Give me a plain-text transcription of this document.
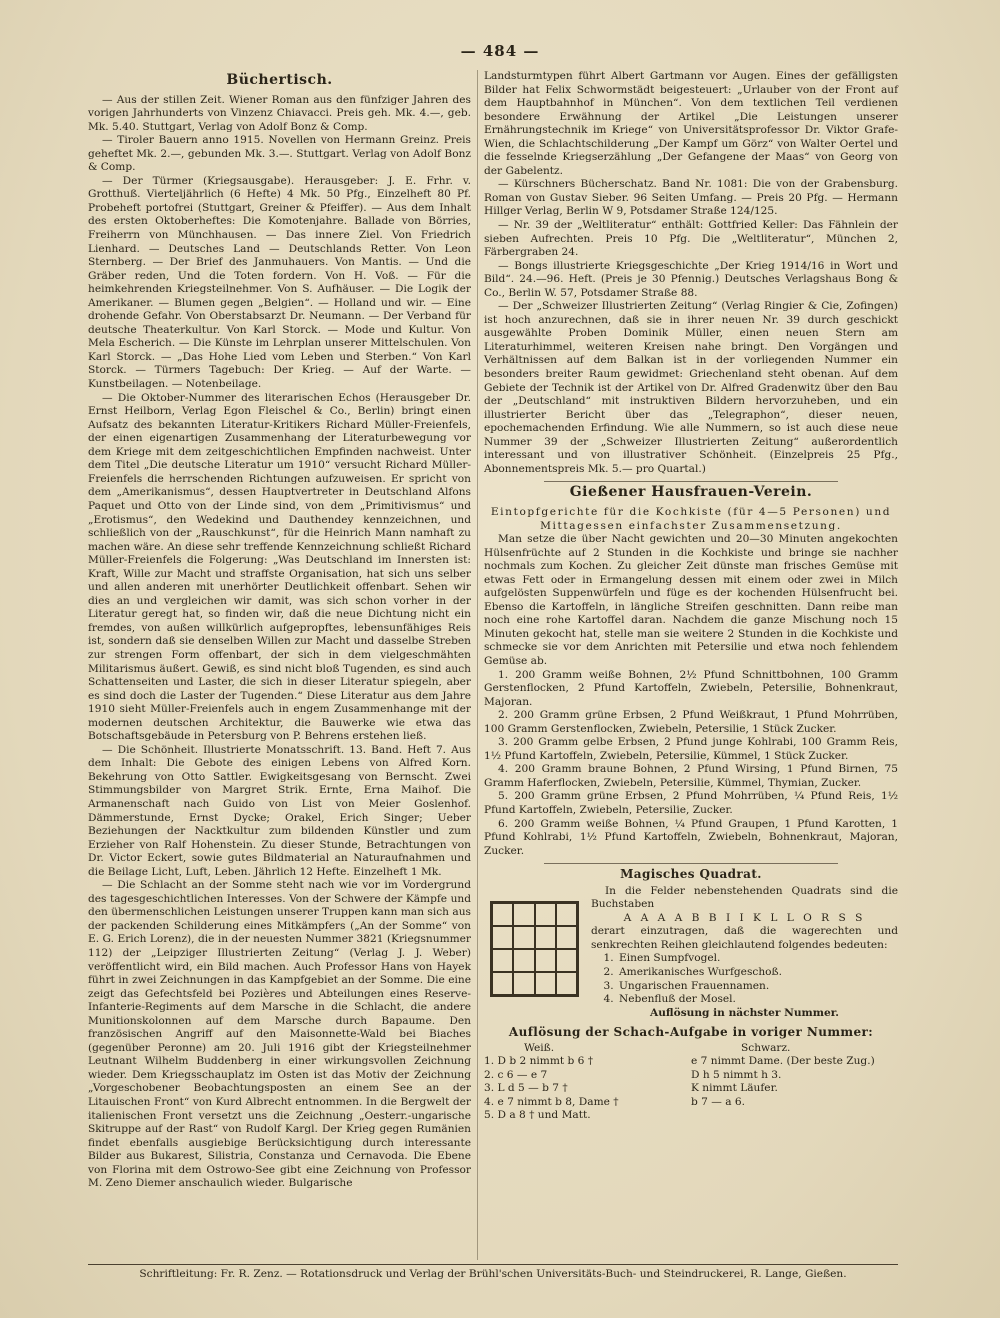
— 484 —
Büchertisch.

— Aus der stillen Zeit. Wiener Roman aus den fünfziger Jahren des vorigen Jahrhunderts von Vinzenz Chiavacci. Preis geh. Mk. 4.—, geb. Mk. 5.40. Stuttgart, Verlag von Adolf Bonz & Comp.

— Tiroler Bauern anno 1915. Novellen von Hermann Greinz. Preis geheftet Mk. 2.—, gebunden Mk. 3.—. Stuttgart. Verlag von Adolf Bonz & Comp.

— Der Türmer (Kriegsausgabe). Herausgeber: J. E. Frhr. v. Grotthuß. Vierteljährlich (6 Hefte) 4 Mk. 50 Pfg., Einzelheft 80 Pf. Probeheft portofrei (Stuttgart, Greiner & Pfeiffer). — Aus dem Inhalt des ersten Oktoberheftes: Die Komotenjahre. Ballade von Börries, Freiherrn von Münchhausen. — Das innere Ziel. Von Friedrich Lienhard. — Deutsches Land — Deutschlands Retter. Von Leon Sternberg. — Der Brief des Janmuhauers. Von Mantis. — Und die Gräber reden, Und die Toten fordern. Von H. Voß. — Für die heimkehrenden Kriegsteilnehmer. Von S. Aufhäuser. — Die Logik der Amerikaner. — Blumen gegen „Belgien“. — Holland und wir. — Eine drohende Gefahr. Von Oberstabsarzt Dr. Neumann. — Der Verband für deutsche Theaterkultur. Von Karl Storck. — Mode und Kultur. Von Mela Escherich. — Die Künste im Lehrplan unserer Mittelschulen. Von Karl Storck. — „Das Hohe Lied vom Leben und Sterben.“ Von Karl Storck. — Türmers Tagebuch: Der Krieg. — Auf der Warte. — Kunstbeilagen. — Notenbeilage.

— Die Oktober-Nummer des literarischen Echos (Herausgeber Dr. Ernst Heilborn, Verlag Egon Fleischel & Co., Berlin) bringt einen Aufsatz des bekannten Literatur-Kritikers Richard Müller-Freienfels, der einen eigenartigen Zusammenhang der Literaturbewegung vor dem Kriege mit dem zeitgeschichtlichen Empfinden nachweist. Unter dem Titel „Die deutsche Literatur um 1910“ versucht Richard Müller-Freienfels die herrschenden Richtungen aufzuweisen. Er spricht von dem „Amerikanismus“, dessen Hauptvertreter in Deutschland Alfons Paquet und Otto von der Linde sind, von dem „Primitivismus“ und „Erotismus“, den Wedekind und Dauthendey kennzeichnen, und schließlich von der „Rauschkunst“, für die Heinrich Mann namhaft zu machen wäre. An diese sehr treffende Kennzeichnung schließt Richard Müller-Freienfels die Folgerung: „Was Deutschland im Innersten ist: Kraft, Wille zur Macht und straffste Organisation, hat sich uns selber und allen anderen mit unerhörter Deutlichkeit offenbart. Sehen wir dies an und vergleichen wir damit, was sich schon vorher in der Literatur geregt hat, so finden wir, daß die neue Dichtung nicht ein fremdes, von außen willkürlich aufgepropftes, lebensunfähiges Reis ist, sondern daß sie denselben Willen zur Macht und dasselbe Streben zur strengen Form offenbart, der sich in dem vielgeschmähten Militarismus äußert. Gewiß, es sind nicht bloß Tugenden, es sind auch Schattenseiten und Laster, die sich in dieser Literatur spiegeln, aber es sind doch die Laster der Tugenden.“ Diese Literatur aus dem Jahre 1910 sieht Müller-Freienfels auch in engem Zusammenhange mit der modernen deutschen Architektur, die Bauwerke wie etwa das Botschaftsgebäude in Petersburg von P. Behrens erstehen ließ.

— Die Schönheit. Illustrierte Monatsschrift. 13. Band. Heft 7. Aus dem Inhalt: Die Gebote des einigen Lebens von Alfred Korn. Bekehrung von Otto Sattler. Ewigkeitsgesang von Bernscht. Zwei Stimmungsbilder von Margret Strik. Ernte, Erna Maihof. Die Armanenschaft nach Guido von List von Meier Goslenhof. Dämmerstunde, Ernst Dycke; Orakel, Erich Singer; Ueber Beziehungen der Nacktkultur zum bildenden Künstler und zum Erzieher von Ralf Hohenstein. Zu dieser Stunde, Betrachtungen von Dr. Victor Eckert, sowie gutes Bildmaterial an Naturaufnahmen und die Beilage Licht, Luft, Leben. Jährlich 12 Hefte. Einzelheft 1 Mk.

— Die Schlacht an der Somme steht nach wie vor im Vordergrund des tagesgeschichtlichen Interesses. Von der Schwere der Kämpfe und den übermenschlichen Leistungen unserer Truppen kann man sich aus der packenden Schilderung eines Mitkämpfers („An der Somme“ von E. G. Erich Lorenz), die in der neuesten Nummer 3821 (Kriegsnummer 112) der „Leipziger Illustrierten Zeitung“ (Verlag J. J. Weber) veröffentlicht wird, ein Bild machen. Auch Professor Hans von Hayek führt in zwei Zeichnungen in das Kampfgebiet an der Somme. Die eine zeigt das Gefechtsfeld bei Pozières und Abteilungen eines Reserve-Infanterie-Regiments auf dem Marsche in die Schlacht, die andere Munitionskolonnen auf dem Marsche durch Bapaume. Den französischen Angriff auf den Maisonnette-Wald bei Biaches (gegenüber Peronne) am 20. Juli 1916 gibt der Kriegsteilnehmer Leutnant Wilhelm Buddenberg in einer wirkungsvollen Zeichnung wieder. Dem Kriegsschauplatz im Osten ist das Motiv der Zeichnung „Vorgeschobener Beobachtungsposten an einem See an der Litauischen Front“ von Kurd Albrecht entnommen. In die Bergwelt der italienischen Front versetzt uns die Zeichnung „Oesterr.-ungarische Skitruppe auf der Rast“ von Rudolf Kargl. Der Krieg gegen Rumänien findet ebenfalls ausgiebige Berücksichtigung durch interessante Bilder aus Bukarest, Silistria, Constanza und Cernavoda. Die Ebene von Florina mit dem Ostrowo-See gibt eine Zeichnung von Professor M. Zeno Diemer anschaulich wieder. Bulgarische

Landsturmtypen führt Albert Gartmann vor Augen. Eines der gefälligsten Bilder hat Felix Schwormstädt beigesteuert: „Urlauber von der Front auf dem Hauptbahnhof in München“. Von dem textlichen Teil verdienen besondere Erwähnung der Artikel „Die Leistungen unserer Ernährungstechnik im Kriege“ von Universitätsprofessor Dr. Viktor Grafe-Wien, die Schlachtschilderung „Der Kampf um Görz“ von Walter Oertel und die fesselnde Kriegserzählung „Der Gefangene der Maas“ von Georg von der Gabelentz.

— Kürschners Bücherschatz. Band Nr. 1081: Die von der Grabensburg. Roman von Gustav Sieber. 96 Seiten Umfang. — Preis 20 Pfg. — Hermann Hillger Verlag, Berlin W 9, Potsdamer Straße 124/125.

— Nr. 39 der „Weltliteratur“ enthält: Gottfried Keller: Das Fähnlein der sieben Aufrechten. Preis 10 Pfg. Die „Weltliteratur“, München 2, Färbergraben 24.

— Bongs illustrierte Kriegsgeschichte „Der Krieg 1914/16 in Wort und Bild“. 24.—96. Heft. (Preis je 30 Pfennig.) Deutsches Verlagshaus Bong & Co., Berlin W. 57, Potsdamer Straße 88.

— Der „Schweizer Illustrierten Zeitung“ (Verlag Ringier & Cie, Zofingen) ist hoch anzurechnen, daß sie in ihrer neuen Nr. 39 durch geschickt ausgewählte Proben Dominik Müller, einen neuen Stern am Literaturhimmel, weiteren Kreisen nahe bringt. Den Vorgängen und Verhältnissen auf dem Balkan ist in der vorliegenden Nummer ein besonders breiter Raum gewidmet: Griechenland steht obenan. Auf dem Gebiete der Technik ist der Artikel von Dr. Alfred Gradenwitz über den Bau der „Deutschland“ mit instruktiven Bildern hervorzuheben, und ein illustrierter Bericht über das „Telegraphon“, dieser neuen, epochemachenden Erfindung. Wie alle Nummern, so ist auch diese neue Nummer 39 der „Schweizer Illustrierten Zeitung“ außerordentlich interessant und von illustrativer Schönheit. (Einzelpreis 25 Pfg., Abonnementspreis Mk. 5.— pro Quartal.)

Gießener Hausfrauen-Verein.

Eintopfgerichte für die Kochkiste (für 4—5 Personen) und Mittagessen einfachster Zusammensetzung.

Man setze die über Nacht gewichten und 20—30 Minuten angekochten Hülsenfrüchte auf 2 Stunden in die Kochkiste und bringe sie nachher nochmals zum Kochen. Zu gleicher Zeit dünste man frisches Gemüse mit etwas Fett oder in Ermangelung dessen mit einem oder zwei in Milch aufgelösten Suppenwürfeln und füge es der kochenden Hülsenfrucht bei. Ebenso die Kartoffeln, in längliche Streifen geschnitten. Dann reibe man noch eine rohe Kartoffel daran. Nachdem die ganze Mischung noch 15 Minuten gekocht hat, stelle man sie weitere 2 Stunden in die Kochkiste und schmecke sie vor dem Anrichten mit Petersilie und etwa noch fehlendem Gemüse ab.

1. 200 Gramm weiße Bohnen, 2½ Pfund Schnittbohnen, 100 Gramm Gerstenflocken, 2 Pfund Kartoffeln, Zwiebeln, Petersilie, Bohnenkraut, Majoran.

2. 200 Gramm grüne Erbsen, 2 Pfund Weißkraut, 1 Pfund Mohrrüben, 100 Gramm Gerstenflocken, Zwiebeln, Petersilie, 1 Stück Zucker.

3. 200 Gramm gelbe Erbsen, 2 Pfund junge Kohlrabi, 100 Gramm Reis, 1½ Pfund Kartoffeln, Zwiebeln, Petersilie, Kümmel, 1 Stück Zucker.

4. 200 Gramm braune Bohnen, 2 Pfund Wirsing, 1 Pfund Birnen, 75 Gramm Haferflocken, Zwiebeln, Petersilie, Kümmel, Thymian, Zucker.

5. 200 Gramm grüne Erbsen, 2 Pfund Mohrrüben, ¼ Pfund Reis, 1½ Pfund Kartoffeln, Zwiebeln, Petersilie, Zucker.

6. 200 Gramm weiße Bohnen, ¼ Pfund Graupen, 1 Pfund Karotten, 1 Pfund Kohlrabi, 1½ Pfund Kartoffeln, Zwiebeln, Bohnenkraut, Majoran, Zucker.

Magisches Quadrat.

In die Felder nebenstehenden Quadrats sind die Buchstaben

A A A A B B I I K L L O R S S

derart einzutragen, daß die wagerechten und senkrechten Reihen gleichlautend folgendes bedeuten:

1. Einen Sumpfvogel.
2. Amerikanisches Wurfgeschoß.
3. Ungarischen Frauennamen.
4. Nebenfluß der Mosel.
Auflösung in nächster Nummer.
Auflösung der Schach-Aufgabe in voriger Nummer:
Weiß.	Schwarz.
1. D b 2 nimmt b 6 †	e 7 nimmt Dame. (Der beste Zug.)
2. c 6 — e 7	D h 5 nimmt h 3.
3. L d 5 — b 7 †	K nimmt Läufer.
4. e 7 nimmt b 8, Dame †	b 7 — a 6.
5. D a 8 † und Matt.
Schriftleitung: Fr. R. Zenz. — Rotationsdruck und Verlag der Brühl'schen Universitäts-Buch- und Steindruckerei, R. Lange, Gießen.
